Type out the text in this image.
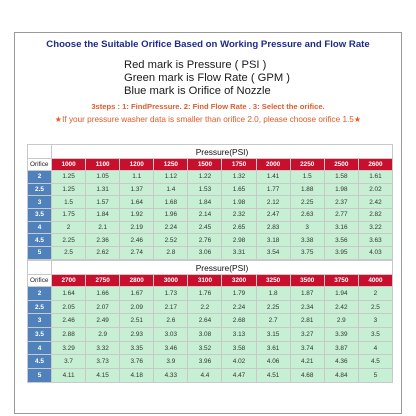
Choose the Suitable Orifice Based on Working Pressure and Flow Rate
Red mark is Pressure ( PSI )
Green mark is Flow Rate ( GPM )
Blue mark is Orifice of Nozzle
3steps : 1: FindPressure. 2: Find Flow Rate . 3: Select the orifice.
★If your pressure washer data is smaller than orifice 2.0, please choose orifice 1.5★
	Pressure(PSI)									
Orifice	1000	1100	1200	1250	1500	1750	2000	2250	2500	2600
2	1.25	1.05	1.1	1.12	1.22	1.32	1.41	1.5	1.58	1.61
2.5	1.25	1.31	1.37	1.4	1.53	1.65	1.77	1.88	1.98	2.02
3	1.5	1.57	1.64	1.68	1.84	1.98	2.12	2.25	2.37	2.42
3.5	1.75	1.84	1.92	1.96	2.14	2.32	2.47	2.63	2.77	2.82
4	2	2.1	2.19	2.24	2.45	2.65	2.83	3	3.16	3.22
4.5	2.25	2.36	2.46	2.52	2.76	2.98	3.18	3.38	3.56	3.63
5	2.5	2.62	2.74	2.8	3.06	3.31	3.54	3.75	3.95	4.03
	Pressure(PSI)									
Orifice	2700	2750	2800	3000	3100	3200	3250	3500	3750	4000
2	1.64	1.66	1.67	1.73	1.76	1.79	1.8	1.87	1.94	2
2.5	2.05	2.07	2.09	2.17	2.2	2.24	2.25	2.34	2.42	2.5
3	2.46	2.49	2.51	2.6	2.64	2.68	2.7	2.81	2.9	3
3.5	2.88	2.9	2.93	3.03	3.08	3.13	3.15	3.27	3.39	3.5
4	3.29	3.32	3.35	3.46	3.52	3.58	3.61	3.74	3.87	4
4.5	3.7	3.73	3.76	3.9	3.96	4.02	4.06	4.21	4.36	4.5
5	4.11	4.15	4.18	4.33	4.4	4.47	4.51	4.68	4.84	5
